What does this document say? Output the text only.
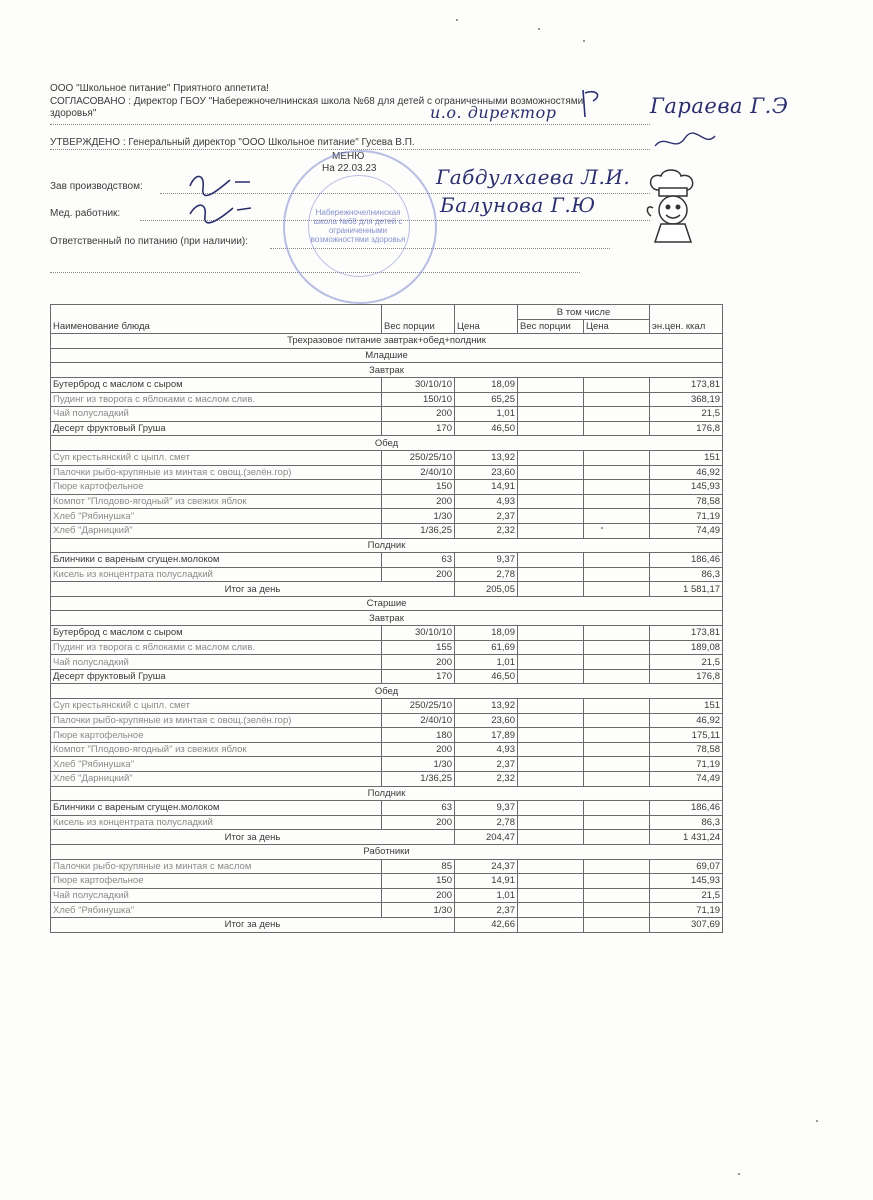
ООО "Школьное питание" Приятного аппетита!
СОГЛАСОВАНО : Директор ГБОУ "Набережночелнинская школа №68 для детей с ограниченными возможностями
здоровья"	и.о. директор	Гараева Г.Э
УТВЕРЖДЕНО : Генеральный директор "ООО Школьное питание" Гусева В.П.
МЕНЮ
На 22.03.23
Зав производством:	Габдулхаева Л.И.
Мед. работник:	Балунова Г.Ю
Ответственный по питанию (при наличии):
Набережночелнинская школа №68 для детей с ограниченными возможностями здоровья
Наименование блюда	Вес порции	Цена	В том числе		эн.цен. ккал
			Вес порции	Цена	
Трехразовое питание завтрак+обед+полдник					
Младшие					
Завтрак					
Бутерброд с маслом с сыром	30/10/10	18,09			173,81
Пудинг из творога с яблоками с маслом слив.	150/10	65,25			368,19
Чай полусладкий	200	1,01			21,5
Десерт фруктовый Груша	170	46,50			176,8
Обед					
Суп крестьянский с цыпл. смет	250/25/10	13,92			151
Палочки рыбо-крупяные из минтая с овощ.(зелён.гор)	2/40/10	23,60			46,92
Пюре картофельное	150	14,91			145,93
Компот "Плодово-ягодный" из свежих яблок	200	4,93			78,58
Хлеб "Рябинушка"	1/30	2,37			71,19
Хлеб "Дарницкий"	1/36,25	2,32			74,49
Полдник					
Блинчики с вареным сгущен.молоком	63	9,37			186,46
Кисель из концентрата полусладкий	200	2,78			86,3
Итог за день		205,05			1 581,17
Старшие					
Завтрак					
Бутерброд с маслом с сыром	30/10/10	18,09			173,81
Пудинг из творога с яблоками с маслом слив.	155	61,69			189,08
Чай полусладкий	200	1,01			21,5
Десерт фруктовый Груша	170	46,50			176,8
Обед					
Суп крестьянский с цыпл. смет	250/25/10	13,92			151
Палочки рыбо-крупяные из минтая с овощ.(зелён.гор)	2/40/10	23,60			46,92
Пюре картофельное	180	17,89			175,11
Компот "Плодово-ягодный" из свежих яблок	200	4,93			78,58
Хлеб "Рябинушка"	1/30	2,37			71,19
Хлеб "Дарницкий"	1/36,25	2,32			74,49
Полдник					
Блинчики с вареным сгущен.молоком	63	9,37			186,46
Кисель из концентрата полусладкий	200	2,78			86,3
Итог за день		204,47			1 431,24
Работники					
Палочки рыбо-крупяные из минтая с маслом	85	24,37			69,07
Пюре картофельное	150	14,91			145,93
Чай полусладкий	200	1,01			21,5
Хлеб "Рябинушка"	1/30	2,37			71,19
Итог за день		42,66			307,69
